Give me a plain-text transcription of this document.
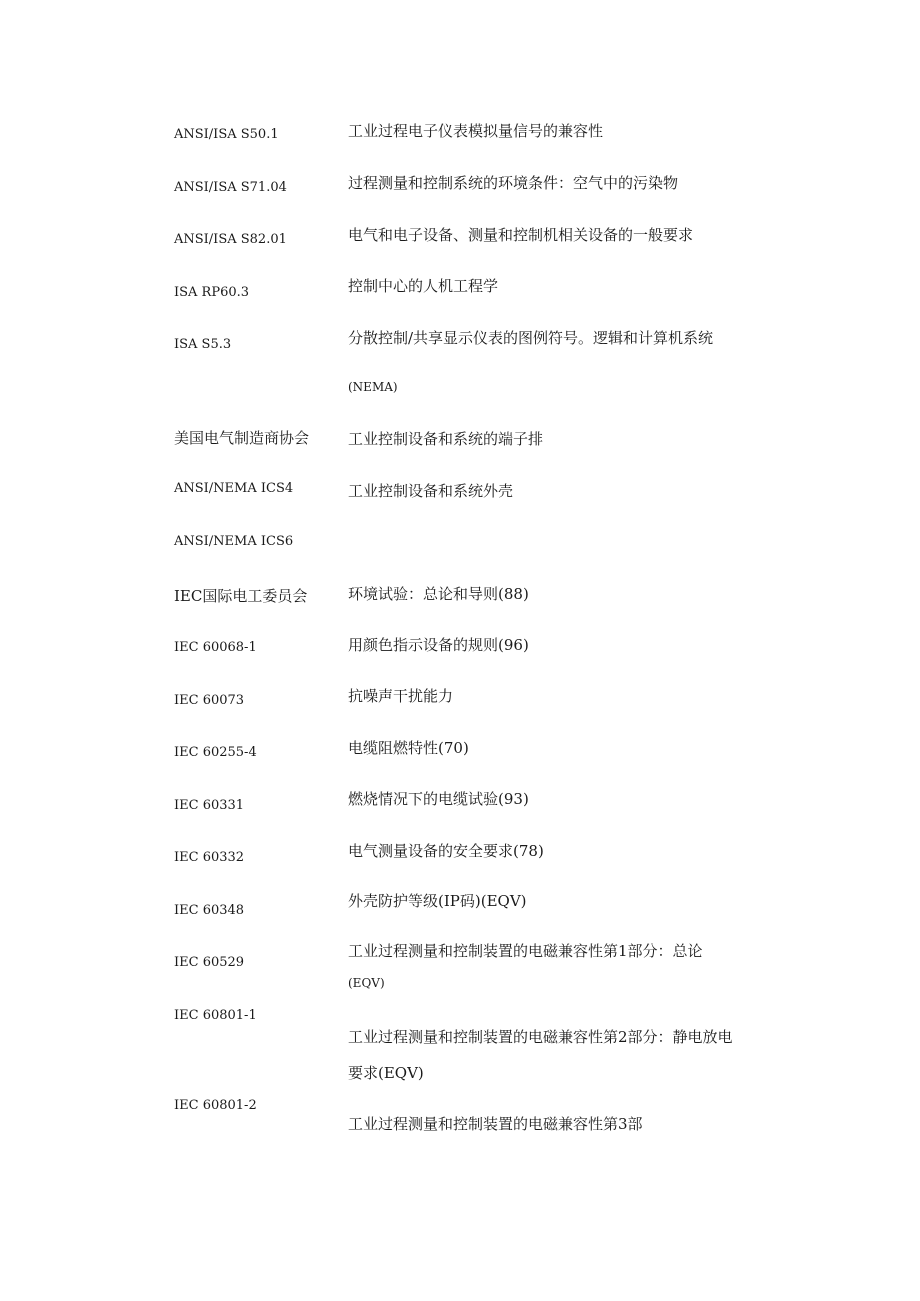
ANSI/ISA S50.1
ANSI/ISA S71.04
ANSI/ISA S82.01
ISA RP60.3
ISA S5.3
美国电气制造商协会
ANSI/NEMA ICS4
ANSI/NEMA ICS6
IEC国际电工委员会
IEC 60068-1
IEC 60073
IEC 60255-4
IEC 60331
IEC 60332
IEC 60348
IEC 60529
IEC 60801-1
IEC 60801-2
工业过程电子仪表模拟量信号的兼容性
过程测量和控制系统的环境条件：空气中的污染物
电气和电子设备、测量和控制机相关设备的一般要求
控制中心的人机工程学
分散控制/共享显示仪表的图例符号。逻辑和计算机系统
(NEMA)
工业控制设备和系统的端子排
工业控制设备和系统外壳
环境试验：总论和导则(88)
用颜色指示设备的规则(96)
抗噪声干扰能力
电缆阻燃特性(70)
燃烧情况下的电缆试验(93)
电气测量设备的安全要求(78)
外壳防护等级(IP码)(EQV)
工业过程测量和控制装置的电磁兼容性第1部分：总论
(EQV)
工业过程测量和控制装置的电磁兼容性第2部分：静电放电
要求(EQV)
工业过程测量和控制装置的电磁兼容性第3部
